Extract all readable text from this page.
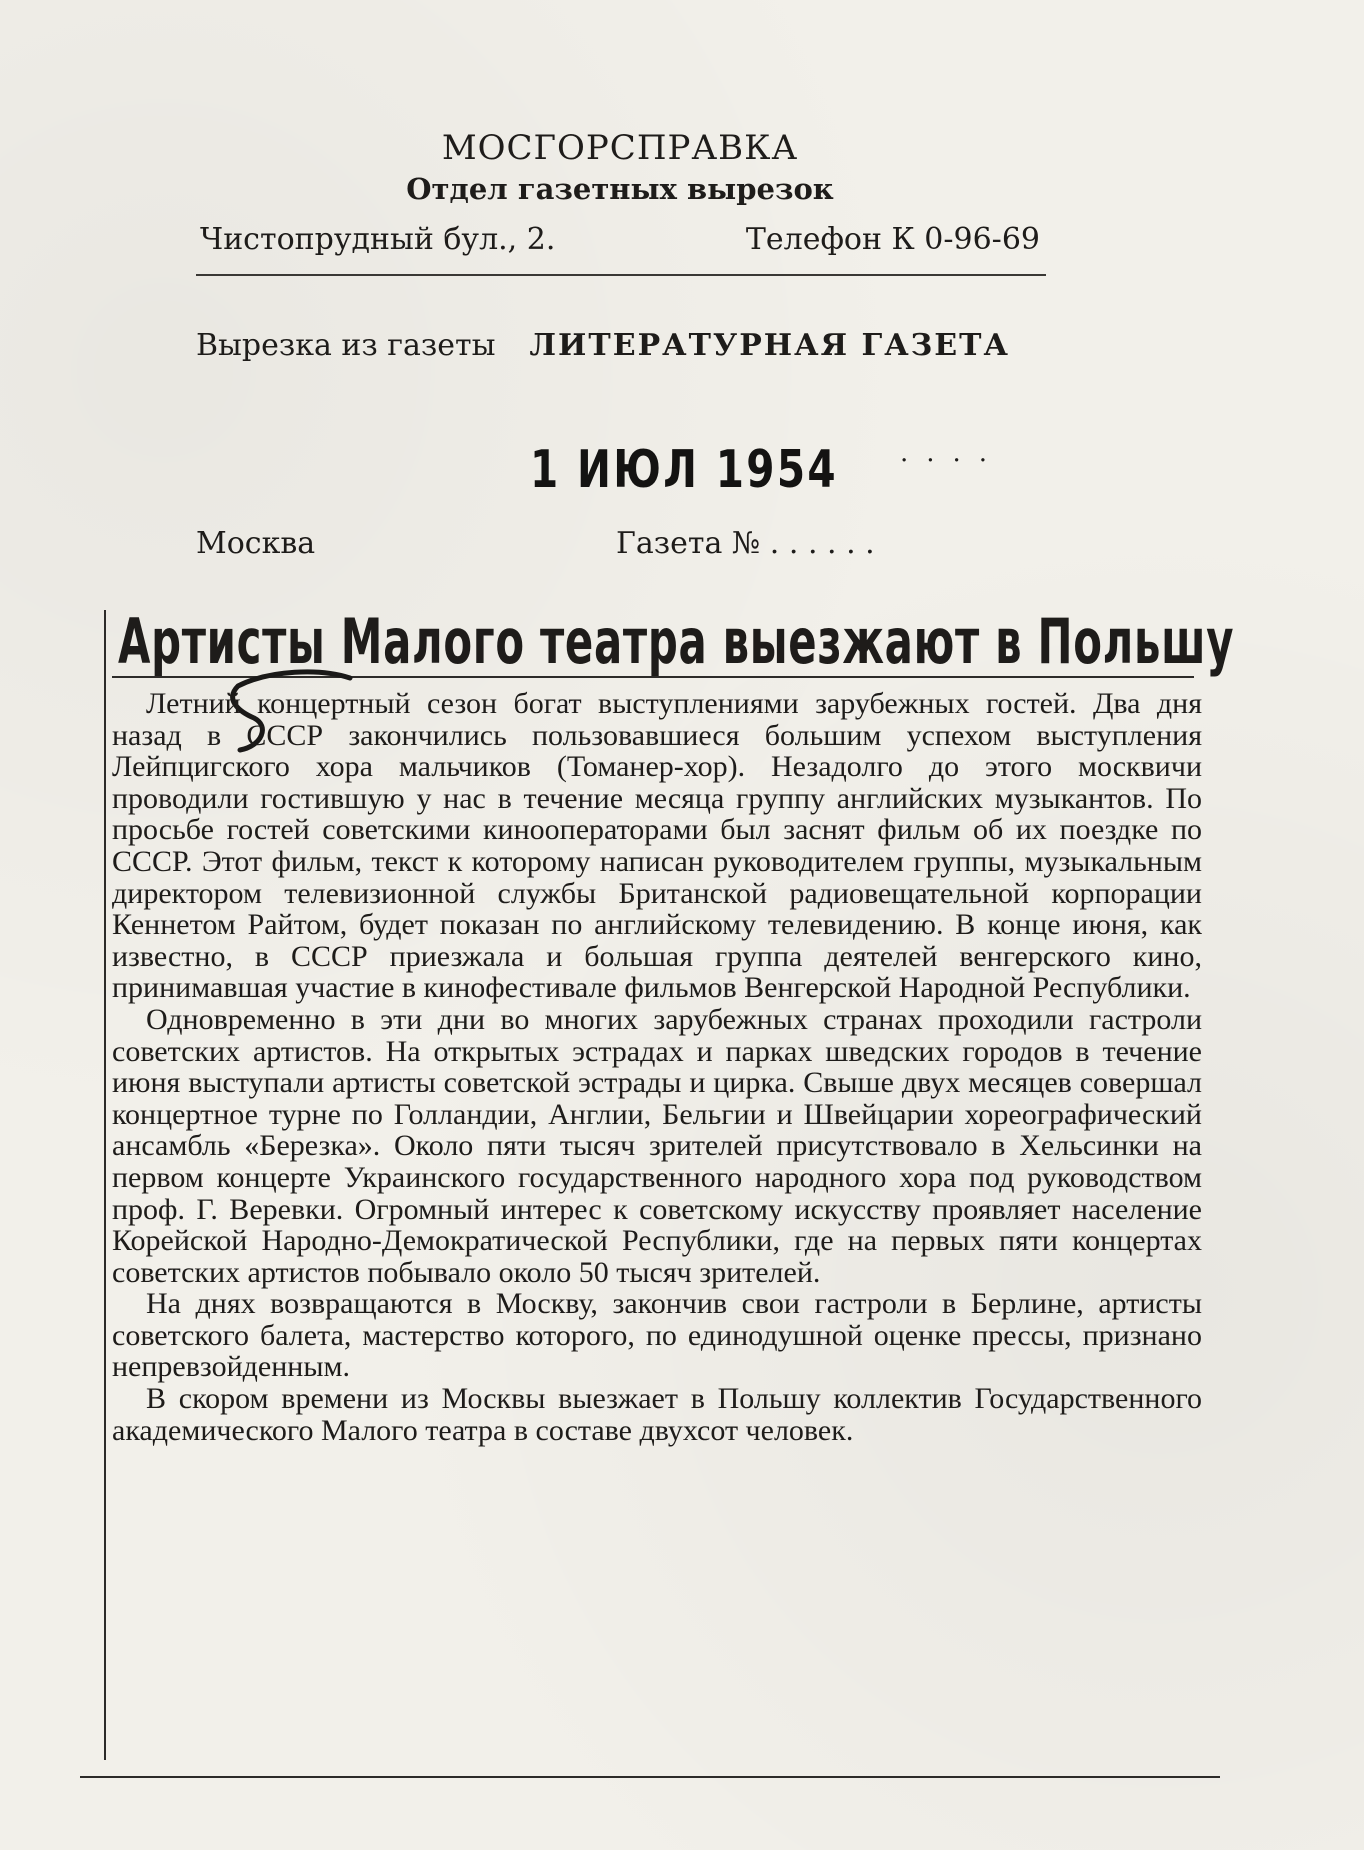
МОСГОРСПРАВКА
Отдел газетных вырезок
Чистопрудный бул., 2.	Телефон К 0-96-69
Вырезка из газеты ЛИТЕРАТУРНАЯ ГАЗЕТА
1 ИЮЛ 1954 ....
Москва	Газета № . . . . . .
Артисты Малого театра выезжают в Польшу

Летний концертный сезон богат выступлениями зарубежных гостей. Два дня назад в СССР закончились пользовавшиеся большим успехом выступления Лейпцигского хора мальчиков (Томанер-хор). Незадолго до этого москвичи проводили гостившую у нас в течение месяца группу английских музыкантов. По просьбе гостей советскими кинооператорами был заснят фильм об их поездке по СССР. Этот фильм, текст к которому написан руководителем группы, музыкальным директором телевизионной службы Британской радиовещательной корпорации Кеннетом Райтом, будет показан по английскому телевидению. В конце июня, как известно, в СССР приезжала и большая группа деятелей венгерского кино, принимавшая участие в кинофестивале фильмов Венгерской Народной Республики.

Одновременно в эти дни во многих зарубежных странах проходили гастроли советских артистов. На открытых эстрадах и парках шведских городов в течение июня выступали артисты советской эстрады и цирка. Свыше двух месяцев совершал концертное турне по Голландии, Англии, Бельгии и Швейцарии хореографический ансамбль «Березка». Около пяти тысяч зрителей присутствовало в Хельсинки на первом концерте Украинского государственного народного хора под руководством проф. Г. Веревки. Огромный интерес к советскому искусству проявляет население Корейской Народно-Демократической Республики, где на первых пяти концертах советских артистов побывало около 50 тысяч зрителей.

На днях возвращаются в Москву, закончив свои гастроли в Берлине, артисты советского балета, мастерство которого, по единодушной оценке прессы, признано непревзойденным.

В скором времени из Москвы выезжает в Польшу коллектив Государственного академического Малого театра в составе двухсот человек.
